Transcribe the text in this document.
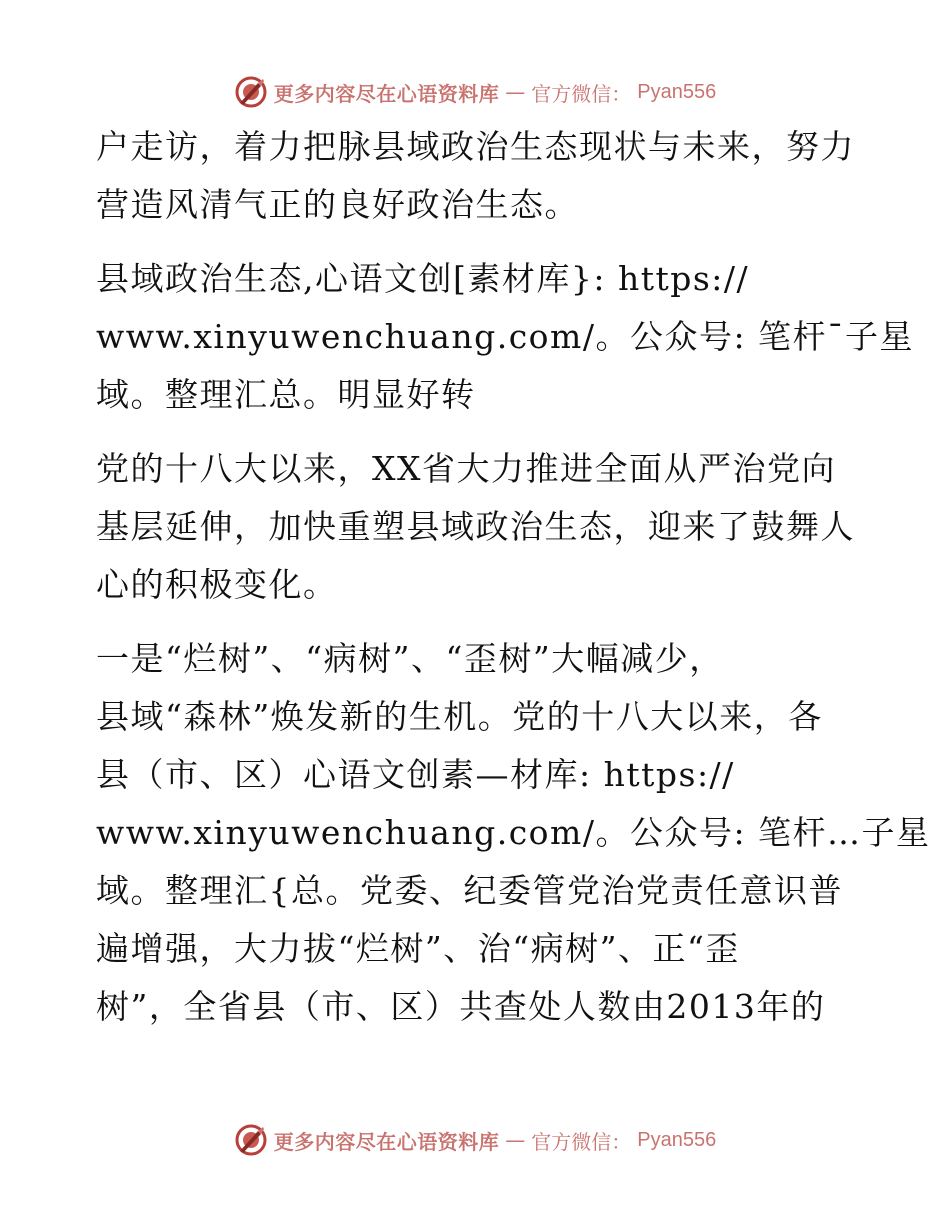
更多内容尽在心语资料库 — 官方微信： Pyan556

户走访，着力把脉县域政治生态现状与未来，努力
营造风清气正的良好政治生态。

县域政治生态,心语文创[素材库}: https://
www.xinyuwenchuang.com/。公众号: 笔杆¯子星
域。整理汇总。明显好转

党的十八大以来，XX省大力推进全面从严治党向
基层延伸，加快重塑县域政治生态，迎来了鼓舞人
心的积极变化。

一是“烂树”、“病树”、“歪树”大幅减少，
县域“森林”焕发新的生机。党的十八大以来，各
县（市、区）心语文创素—材库: https://
www.xinyuwenchuang.com/。公众号: 笔杆…子星
域。整理汇{总。党委、纪委管党治党责任意识普
遍增强，大力拔“烂树”、治“病树”、正“歪
树”，全省县（市、区）共查处人数由2013年的

更多内容尽在心语资料库 — 官方微信： Pyan556
